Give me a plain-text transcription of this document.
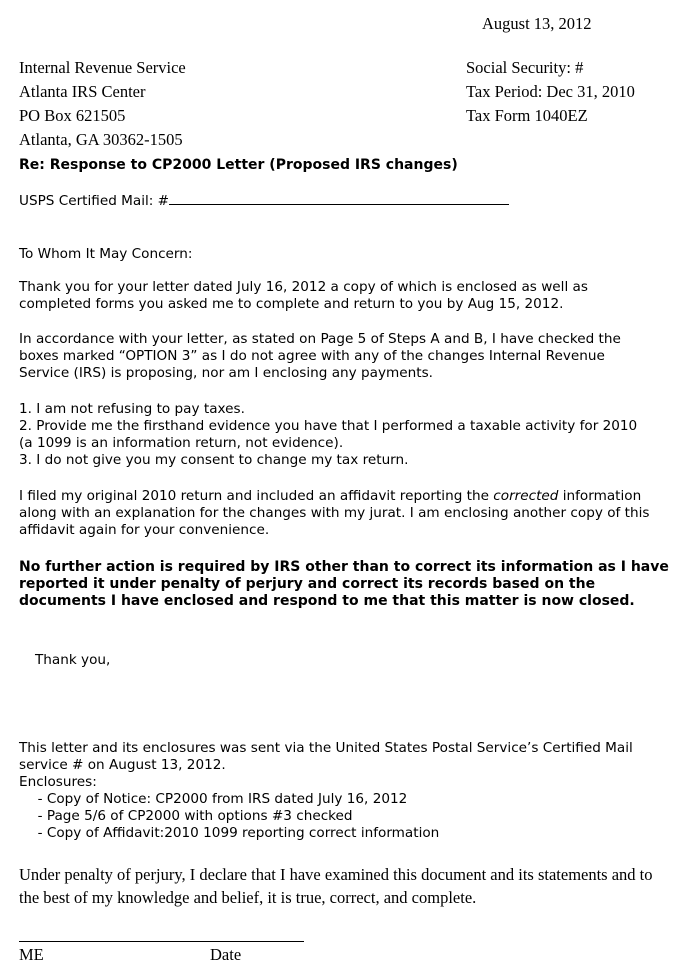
August 13, 2012
Internal Revenue Service
Atlanta IRS Center
PO Box 621505
Atlanta, GA 30362-1505
Social Security: #
Tax Period: Dec 31, 2010
Tax Form 1040EZ
Re: Response to CP2000 Letter (Proposed IRS changes)
USPS Certified Mail: #
To Whom It May Concern:
Thank you for your letter dated July 16, 2012 a copy of which is enclosed as well as
completed forms you asked me to complete and return to you by Aug 15, 2012.
In accordance with your letter, as stated on Page 5 of Steps A and B, I have checked the
boxes marked “OPTION 3” as I do not agree with any of the changes Internal Revenue
Service (IRS) is proposing, nor am I enclosing any payments.
1. I am not refusing to pay taxes.
2. Provide me the firsthand evidence you have that I performed a taxable activity for 2010
(a 1099 is an information return, not evidence).
3. I do not give you my consent to change my tax return.
I filed my original 2010 return and included an affidavit reporting the corrected information
along with an explanation for the changes with my jurat. I am enclosing another copy of this
affidavit again for your convenience.
No further action is required by IRS other than to correct its information as I have
reported it under penalty of perjury and correct its records based on the
documents I have enclosed and respond to me that this matter is now closed.
Thank you,
This letter and its enclosures was sent via the United States Postal Service’s Certified Mail
service # on August 13, 2012.
Enclosures:
- Copy of Notice: CP2000 from IRS dated July 16, 2012
- Page 5/6 of CP2000 with options #3 checked
- Copy of Affidavit:2010 1099 reporting correct information
Under penalty of perjury, I declare that I have examined this document and its statements and to
the best of my knowledge and belief, it is true, correct, and complete.
ME	Date
